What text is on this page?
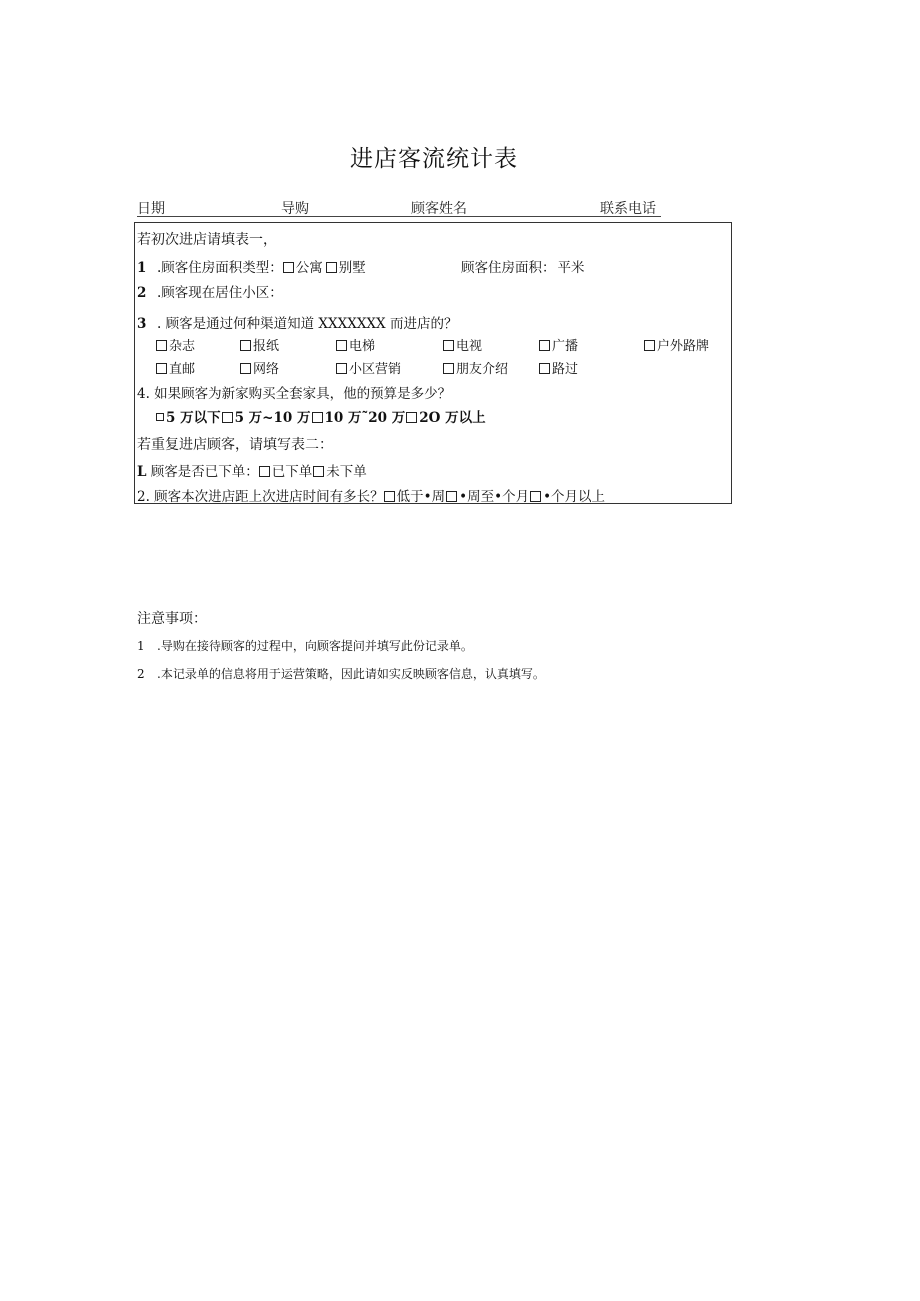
进店客流统计表
日期	导购	顾客姓名	联系电话
若初次进店请填表一，
1 .顾客住房面积类型： 公寓 别墅	顾客住房面积： 平米
2 .顾客现在居住小区：
3 . 顾客是通过何种渠道知道 XXXXXXX 而进店的？
杂志	报纸	电梯	电视	广播	户外路牌
直邮	网络	小区营销	朋友介绍	路过
4. 如果顾客为新家购买全套家具，他的预算是多少？
5 万以下 5 万~10 万 10 万˜20 万 2O 万以上
若重复进店顾客，请填写表二：
L 顾客是否已下单： 已下单 未下单
2. 顾客本次进店距上次进店时间有多长？ 低于•周 •周至•个月 •个月以上
注意事项：
1 .导购在接待顾客的过程中，向顾客提问并填写此份记录单。
2 .本记录单的信息将用于运营策略，因此请如实反映顾客信息，认真填写。
